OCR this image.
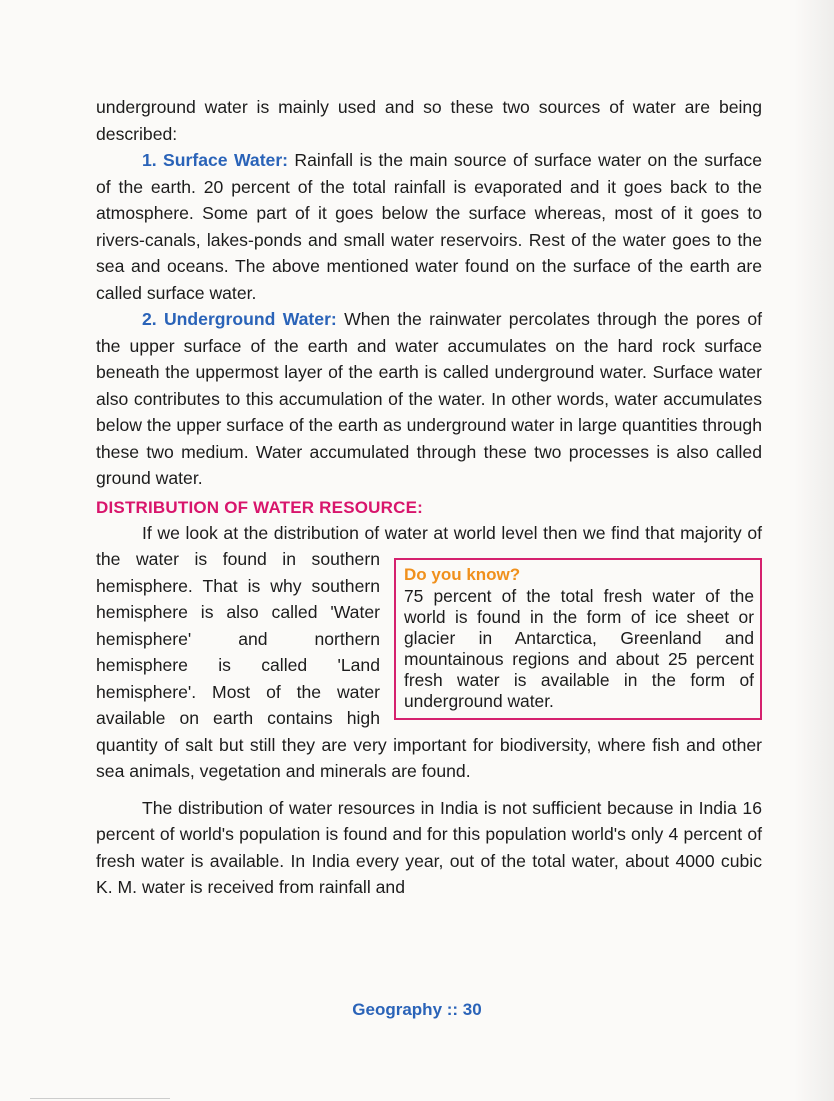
underground water is mainly used and so these two sources of water are being described:

1. Surface Water: Rainfall is the main source of surface water on the surface of the earth. 20 percent of the total rainfall is evaporated and it goes back to the atmosphere. Some part of it goes below the surface whereas, most of it goes to rivers-canals, lakes-ponds and small water reservoirs. Rest of the water goes to the sea and oceans. The above mentioned water found on the surface of the earth are called surface water.

2. Underground Water: When the rainwater percolates through the pores of the upper surface of the earth and water accumulates on the hard rock surface beneath the uppermost layer of the earth is called underground water. Surface water also contributes to this accumulation of the water. In other words, water accumulates below the upper surface of the earth as underground water in large quantities through these two medium. Water accumulated through these two processes is also called ground water.

DISTRIBUTION OF WATER RESOURCE:
Do you know?
75 percent of the total fresh water of the world is found in the form of ice sheet or glacier in Antarctica, Greenland and mountainous regions and about 25 percent fresh water is available in the form of underground water.

If we look at the distribution of water at world level then we find that majority of the water is found in southern hemisphere. That is why southern hemisphere is also called 'Water hemisphere' and northern hemisphere is called 'Land hemisphere'. Most of the water available on earth contains high quantity of salt but still they are very important for biodiversity, where fish and other sea animals, vegetation and minerals are found.

The distribution of water resources in India is not sufficient because in India 16 percent of world's population is found and for this population world's only 4 percent of fresh water is available. In India every year, out of the total water, about 4000 cubic K. M. water is received from rainfall and

Geography :: 30
